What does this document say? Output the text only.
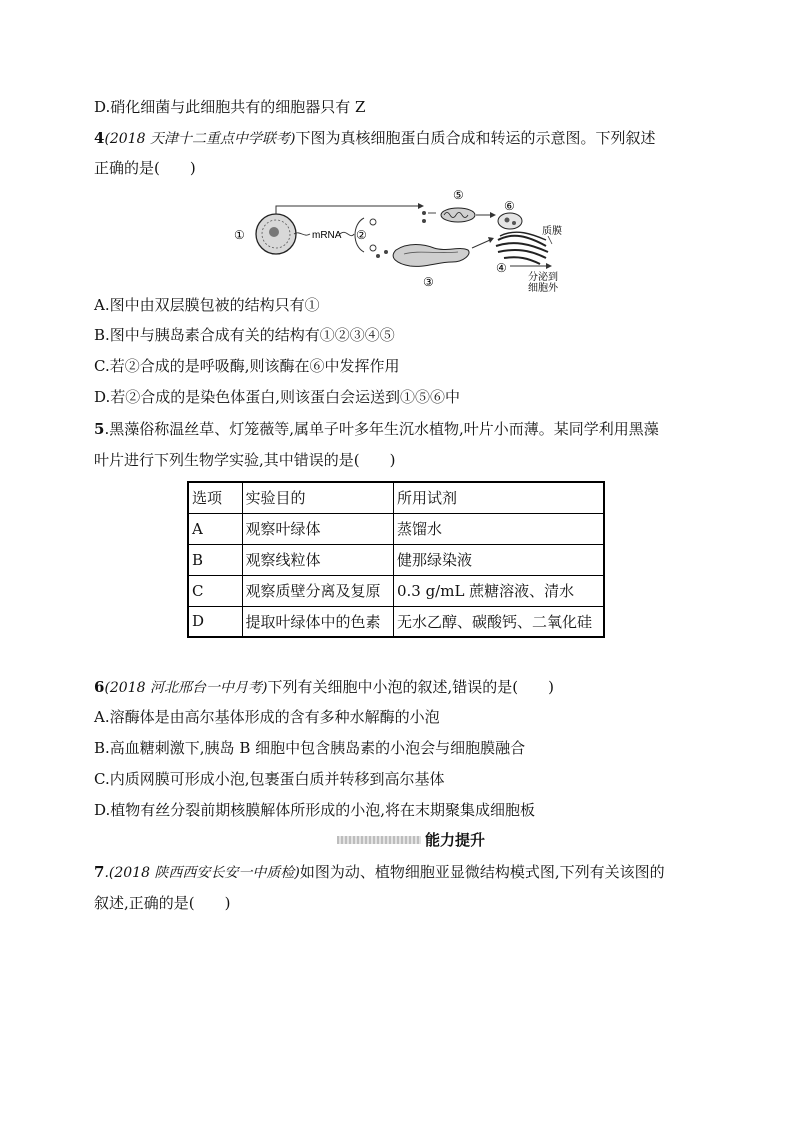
D.硝化细菌与此细胞共有的细胞器只有 Z
4(2018 天津十二重点中学联考)下图为真核细胞蛋白质合成和转运的示意图。下列叙述
正确的是(　　)
①	mRNA ②
⑤
⑥
③
质膜
④
分泌到
细胞外
A.图中由双层膜包被的结构只有①
B.图中与胰岛素合成有关的结构有①②③④⑤
C.若②合成的是呼吸酶,则该酶在⑥中发挥作用
D.若②合成的是染色体蛋白,则该蛋白会运送到①⑤⑥中
5.黑藻俗称温丝草、灯笼薇等,属单子叶多年生沉水植物,叶片小而薄。某同学利用黑藻
叶片进行下列生物学实验,其中错误的是(　　)
选项	实验目的	所用试剂
A	观察叶绿体	蒸馏水
B	观察线粒体	健那绿染液
C	观察质壁分离及复原	0.3 g/mL 蔗糖溶液、清水
D	提取叶绿体中的色素	无水乙醇、碳酸钙、二氧化硅
6(2018 河北邢台一中月考)下列有关细胞中小泡的叙述,错误的是(　　)
A.溶酶体是由高尔基体形成的含有多种水解酶的小泡
B.高血糖刺激下,胰岛 B 细胞中包含胰岛素的小泡会与细胞膜融合
C.内质网膜可形成小泡,包裹蛋白质并转移到高尔基体
D.植物有丝分裂前期核膜解体所形成的小泡,将在末期聚集成细胞板
能力提升
7.(2018 陕西西安长安一中质检)如图为动、植物细胞亚显微结构模式图,下列有关该图的
叙述,正确的是(　　)
